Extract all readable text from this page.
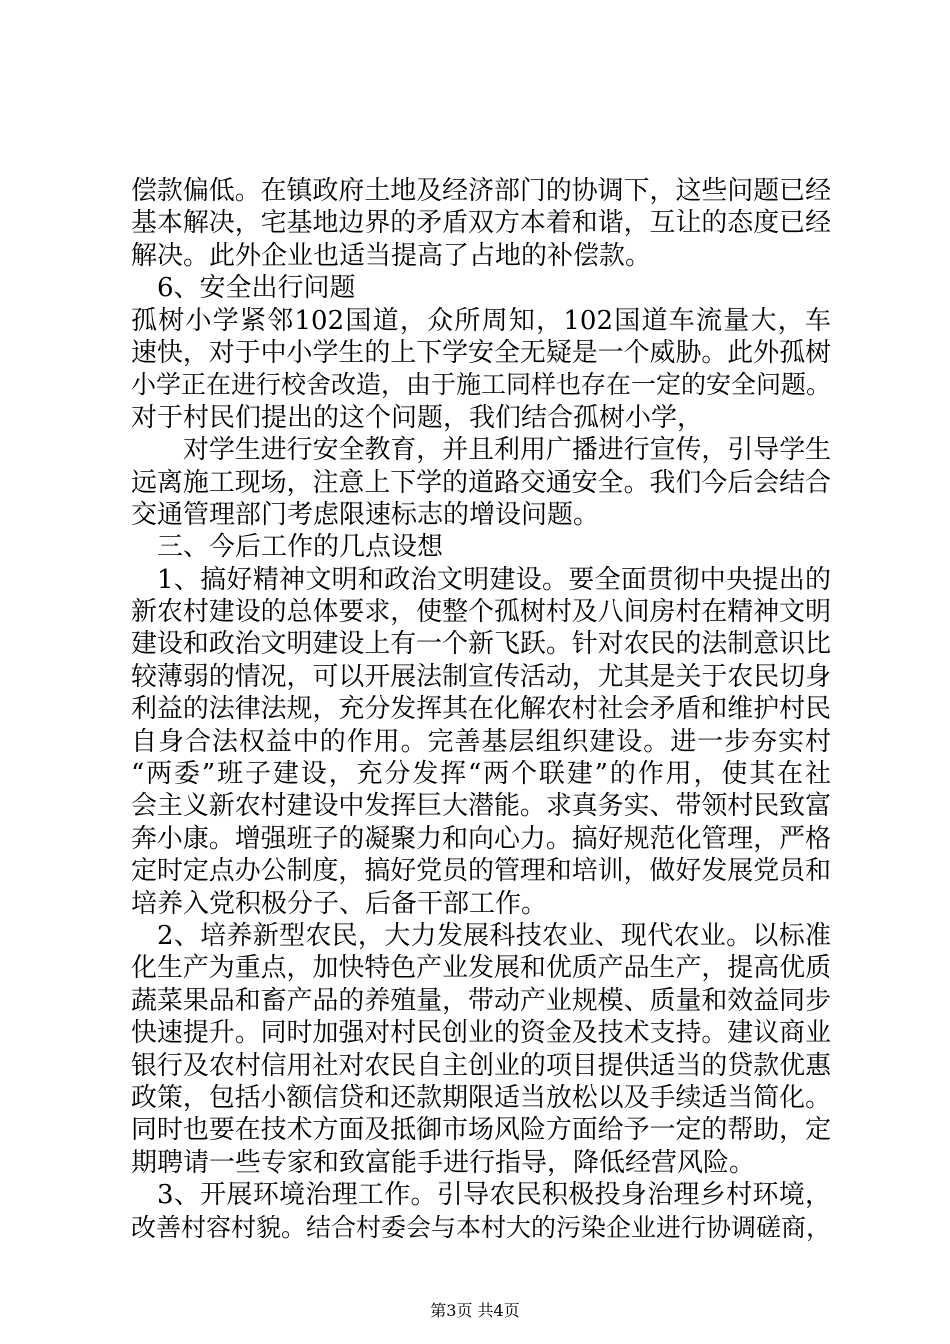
偿款偏低。在镇政府土地及经济部门的协调下，这些问题已经
基本解决，宅基地边界的矛盾双方本着和谐，互让的态度已经
解决。此外企业也适当提高了占地的补偿款。
6、安全出行问题
孤树小学紧邻102国道，众所周知，102国道车流量大，车
速快，对于中小学生的上下学安全无疑是一个威胁。此外孤树
小学正在进行校舍改造，由于施工同样也存在一定的安全问题。
对于村民们提出的这个问题，我们结合孤树小学，
对学生进行安全教育，并且利用广播进行宣传，引导学生
远离施工现场，注意上下学的道路交通安全。我们今后会结合
交通管理部门考虑限速标志的增设问题。
三、今后工作的几点设想
1、搞好精神文明和政治文明建设。要全面贯彻中央提出的
新农村建设的总体要求，使整个孤树村及八间房村在精神文明
建设和政治文明建设上有一个新飞跃。针对农民的法制意识比
较薄弱的情况，可以开展法制宣传活动，尤其是关于农民切身
利益的法律法规，充分发挥其在化解农村社会矛盾和维护村民
自身合法权益中的作用。完善基层组织建设。进一步夯实村
“两委”班子建设，充分发挥“两个联建”的作用，使其在社
会主义新农村建设中发挥巨大潜能。求真务实、带领村民致富
奔小康。增强班子的凝聚力和向心力。搞好规范化管理，严格
定时定点办公制度，搞好党员的管理和培训，做好发展党员和
培养入党积极分子、后备干部工作。
2、培养新型农民，大力发展科技农业、现代农业。以标准
化生产为重点，加快特色产业发展和优质产品生产，提高优质
蔬菜果品和畜产品的养殖量，带动产业规模、质量和效益同步
快速提升。同时加强对村民创业的资金及技术支持。建议商业
银行及农村信用社对农民自主创业的项目提供适当的贷款优惠
政策，包括小额信贷和还款期限适当放松以及手续适当简化。
同时也要在技术方面及抵御市场风险方面给予一定的帮助，定
期聘请一些专家和致富能手进行指导，降低经营风险。
3、开展环境治理工作。引导农民积极投身治理乡村环境，
改善村容村貌。结合村委会与本村大的污染企业进行协调磋商，
第3页 共4页
